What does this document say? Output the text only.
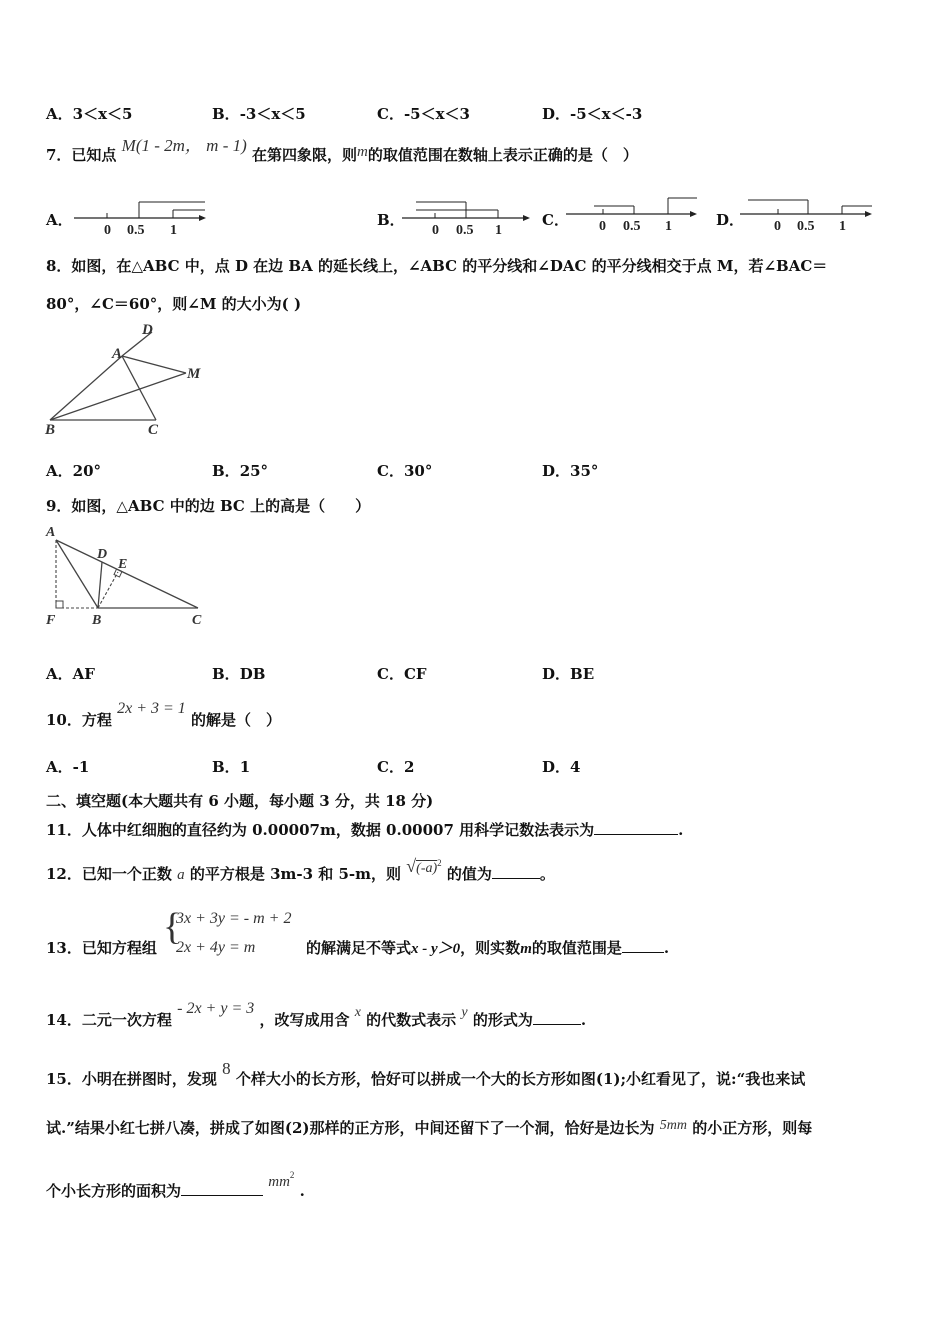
A．3＜x＜5	B．-3＜x＜5	C．-5＜x＜3	D．-5＜x＜-3
7．已知点 M(1 - 2m， m - 1) 在第四象限，则m的取值范围在数轴上表示正确的是（　）
A．
0 0.5 1
B．
0 0.5 1
C． 0 0.5 1	D． 0 0.5 1
8．如图，在△ABC 中，点 D 在边 BA 的延长线上，∠ABC 的平分线和∠DAC 的平分线相交于点 M，若∠BAC＝
80°，∠C＝60°，则∠M 的大小为( )
D
A
M
B	C
A．20°	B．25°	C．30°	D．35°
9．如图，△ABC 中的边 BC 上的高是（　　）
A
D
E
F	B	C
A．AF	B．DB	C．CF	D．BE
10．方程 2x + 3 = 1 的解是（　）
A．-1	B．1	C．2	D．4
二、填空题(本大题共有 6 小题，每小题 3 分，共 18 分)
11．人体中红细胞的直径约为 0.00007m，数据 0.00007 用科学记数法表示为	.
12．已知一个正数 a 的平方根是 3m-3 和 5-m，则 $√(-a)^2$ 的值为	。
13．已知方程组 {
3x + 3y = - m + 2
2x + 4y = m	的解满足不等式x - y＞0，则实数m的取值范围是	.
14．二元一次方程 - 2x + y = 3 ，改写成用含 x 的代数式表示 y 的形式为	.
15．小明在拼图时，发现 8 个样大小的长方形，恰好可以拼成一个大的长方形如图(1);小红看见了，说:“我也来试
试.”结果小红七拼八凑，拼成了如图(2)那样的正方形，中间还留下了一个洞，恰好是边长为 5mm 的小正方形，则每
个小长方形的面积为	$mm^2$ .
